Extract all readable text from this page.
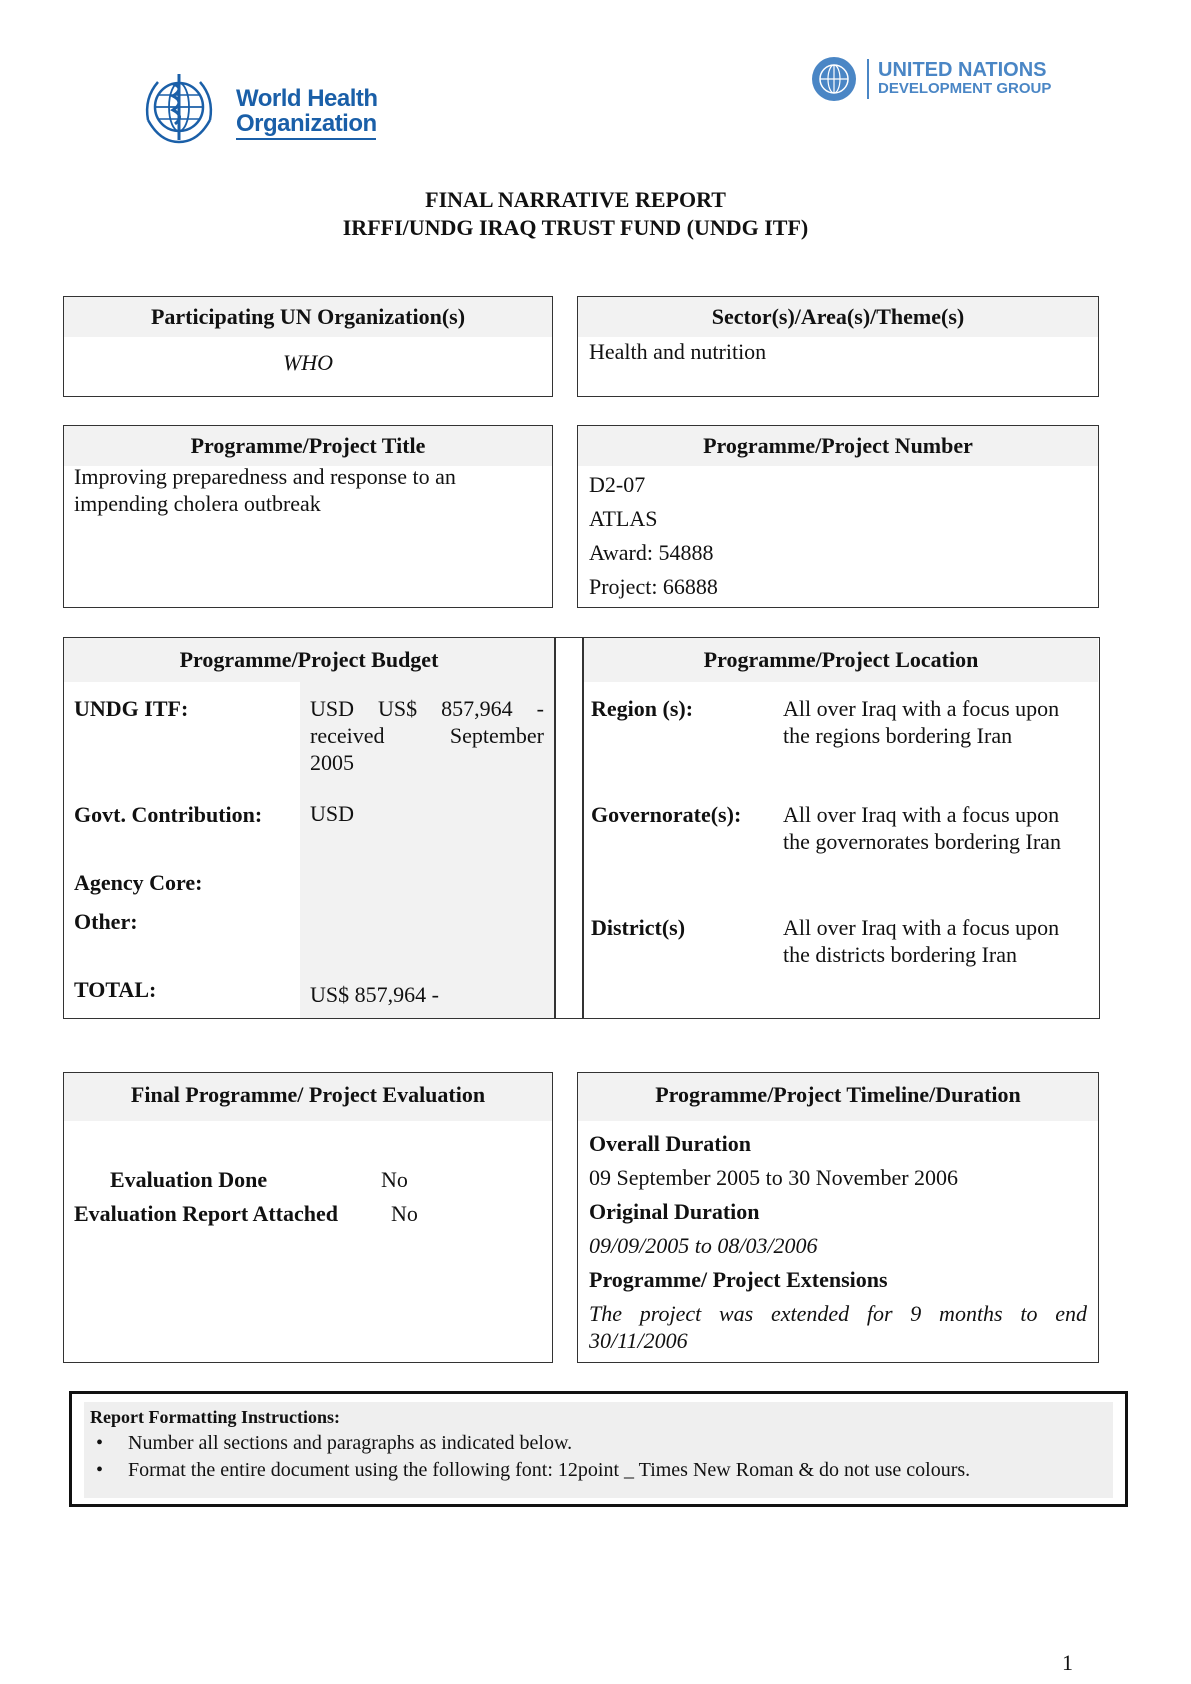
World Health
Organization
UNITED NATIONS
DEVELOPMENT GROUP
FINAL NARRATIVE REPORT
IRFFI/UNDG IRAQ TRUST FUND (UNDG ITF)
Participating UN Organization(s)
WHO
Sector(s)/Area(s)/Theme(s)
Health and nutrition
Programme/Project Title
Improving preparedness and response to an
impending cholera outbreak
Programme/Project Number
D2-07
ATLAS
Award: 54888
Project: 66888
Programme/Project Budget	Programme/Project Location
UNDG ITF:	USD US$ 857,964 -
received September
2005
Govt. Contribution: USD
Agency Core:
Other:
TOTAL:	US$ 857,964 -
Region (s):	All over Iraq with a focus upon
the regions bordering Iran
Governorate(s): All over Iraq with a focus upon
the governorates bordering Iran
District(s)	All over Iraq with a focus upon
the districts bordering Iran
Final Programme/ Project Evaluation
Evaluation Done	No
Evaluation Report Attached No
Programme/Project Timeline/Duration
Overall Duration
09 September 2005 to 30 November 2006
Original Duration
09/09/2005 to 08/03/2006
Programme/ Project Extensions
The project was extended for 9 months to end
30/11/2006
Report Formatting Instructions:
• Number all sections and paragraphs as indicated below.
• Format the entire document using the following font: 12point _ Times New Roman & do not use colours.
1
